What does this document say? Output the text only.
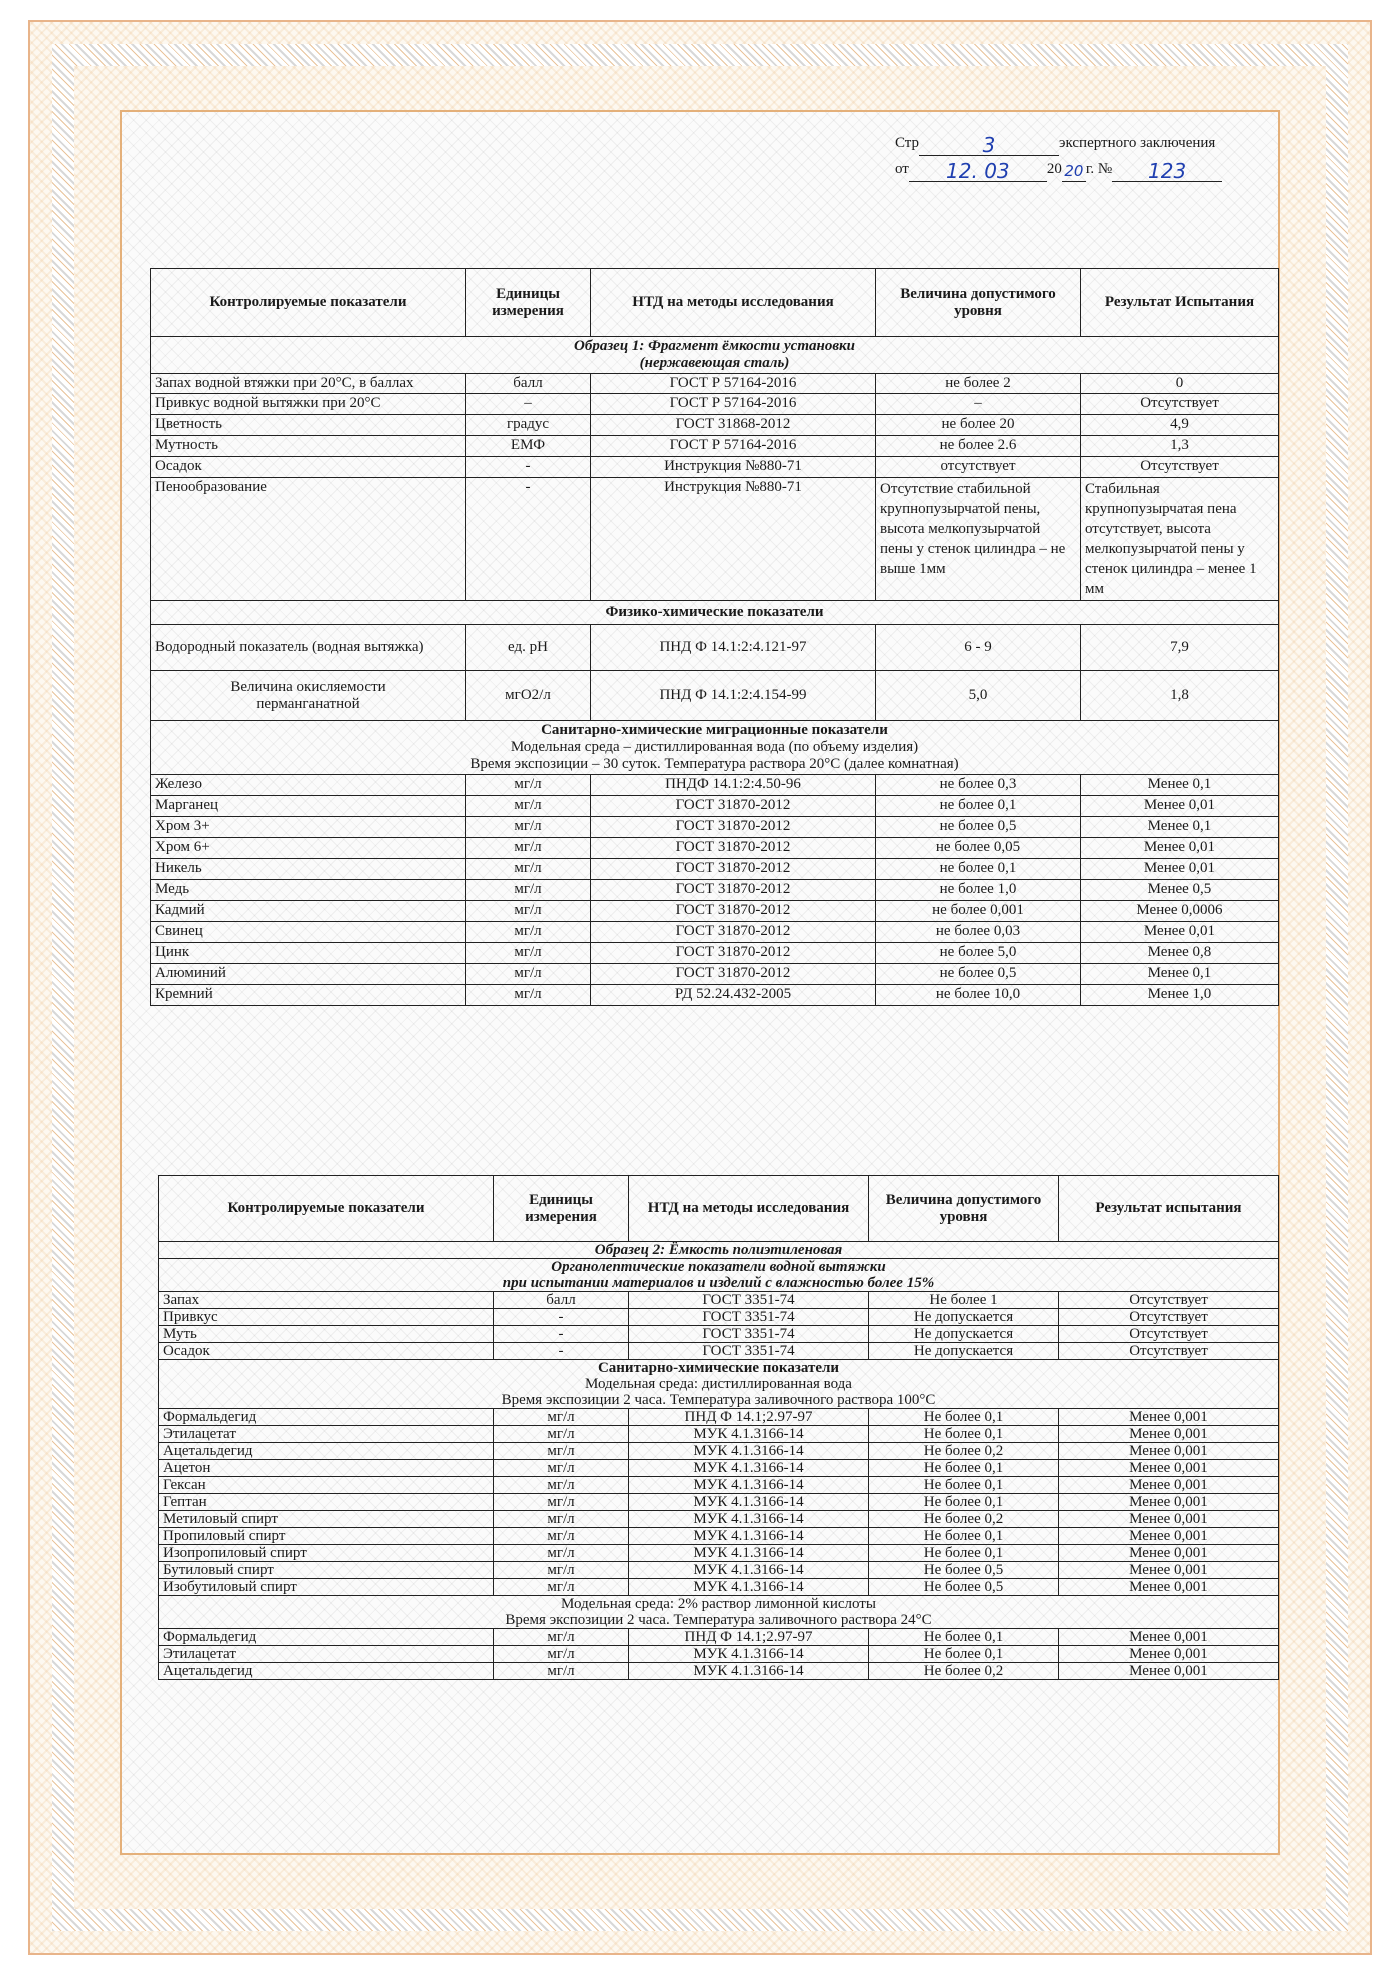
Стр	3	экспертного заключения
от	12. 03	20 20 г. №	123
Контролируемые показатели	Единицы измерения	НТД на методы исследования	Величина допустимого уровня	Результат Испытания

Образец 1: Фрагмент ёмкости установки
(нержавеющая сталь)				

Запах водной втяжки при 20°С, в баллах	балл	ГОСТ Р 57164-2016	не более 2	0
Привкус водной вытяжки при 20°С	–	ГОСТ Р 57164-2016	–	Отсутствует
Цветность	градус	ГОСТ 31868-2012	не более 20	4,9
Мутность	ЕМФ	ГОСТ Р 57164-2016	не более 2.6	1,3
Осадок	-	Инструкция №880-71	отсутствует	Отсутствует
Пенообразование	-	Инструкция №880-71	Отсутствие стабильной крупнопузырчатой пены, высота мелкопузырчатой пены у стенок цилиндра – не выше 1мм	Стабильная крупнопузырчатая пена отсутствует, высота мелкопузырчатой пены у стенок цилиндра – менее 1 мм
Физико-химические показатели				
Водородный показатель (водная вытяжка)	ед. pH	ПНД Ф 14.1:2:4.121-97	6 - 9	7,9
Величина окисляемости перманганатной	мгО2/л	ПНД Ф 14.1:2:4.154-99	5,0	1,8

Санитарно-химические миграционные показатели
Модельная среда – дистиллированная вода (по объему изделия)
Время экспозиции – 30 суток. Температура раствора 20°С (далее комнатная)				

Железо	мг/л	ПНДФ 14.1:2:4.50-96	не более 0,3	Менее 0,1
Марганец	мг/л	ГОСТ 31870-2012	не более 0,1	Менее 0,01
Хром 3+	мг/л	ГОСТ 31870-2012	не более 0,5	Менее 0,1
Хром 6+	мг/л	ГОСТ 31870-2012	не более 0,05	Менее 0,01
Никель	мг/л	ГОСТ 31870-2012	не более 0,1	Менее 0,01
Медь	мг/л	ГОСТ 31870-2012	не более 1,0	Менее 0,5
Кадмий	мг/л	ГОСТ 31870-2012	не более 0,001	Менее 0,0006
Свинец	мг/л	ГОСТ 31870-2012	не более 0,03	Менее 0,01
Цинк	мг/л	ГОСТ 31870-2012	не более 5,0	Менее 0,8
Алюминий	мг/л	ГОСТ 31870-2012	не более 0,5	Менее 0,1
Кремний	мг/л	РД 52.24.432-2005	не более 10,0	Менее 1,0
Контролируемые показатели	Единицы измерения	НТД на методы исследования	Величина допустимого уровня	Результат испытания
Образец 2: Ёмкость полиэтиленовая				

Органолептические показатели водной вытяжки
при испытании материалов и изделий с влажностью более 15%				

Запах	балл	ГОСТ 3351-74	Не более 1	Отсутствует
Привкус	-	ГОСТ 3351-74	Не допускается	Отсутствует
Муть	-	ГОСТ 3351-74	Не допускается	Отсутствует
Осадок	-	ГОСТ 3351-74	Не допускается	Отсутствует

Санитарно-химические показатели
Модельная среда: дистиллированная вода
Время экспозиции 2 часа. Температура заливочного раствора 100°С				

Формальдегид	мг/л	ПНД Ф 14.1;2.97-97	Не более 0,1	Менее 0,001
Этилацетат	мг/л	МУК 4.1.3166-14	Не более 0,1	Менее 0,001
Ацетальдегид	мг/л	МУК 4.1.3166-14	Не более 0,2	Менее 0,001
Ацетон	мг/л	МУК 4.1.3166-14	Не более 0,1	Менее 0,001
Гексан	мг/л	МУК 4.1.3166-14	Не более 0,1	Менее 0,001
Гептан	мг/л	МУК 4.1.3166-14	Не более 0,1	Менее 0,001
Метиловый спирт	мг/л	МУК 4.1.3166-14	Не более 0,2	Менее 0,001
Пропиловый спирт	мг/л	МУК 4.1.3166-14	Не более 0,1	Менее 0,001
Изопропиловый спирт	мг/л	МУК 4.1.3166-14	Не более 0,1	Менее 0,001
Бутиловый спирт	мг/л	МУК 4.1.3166-14	Не более 0,5	Менее 0,001
Изобутиловый спирт	мг/л	МУК 4.1.3166-14	Не более 0,5	Менее 0,001

Модельная среда: 2% раствор лимонной кислоты
Время экспозиции 2 часа. Температура заливочного раствора 24°С				

Формальдегид	мг/л	ПНД Ф 14.1;2.97-97	Не более 0,1	Менее 0,001
Этилацетат	мг/л	МУК 4.1.3166-14	Не более 0,1	Менее 0,001
Ацетальдегид	мг/л	МУК 4.1.3166-14	Не более 0,2	Менее 0,001
